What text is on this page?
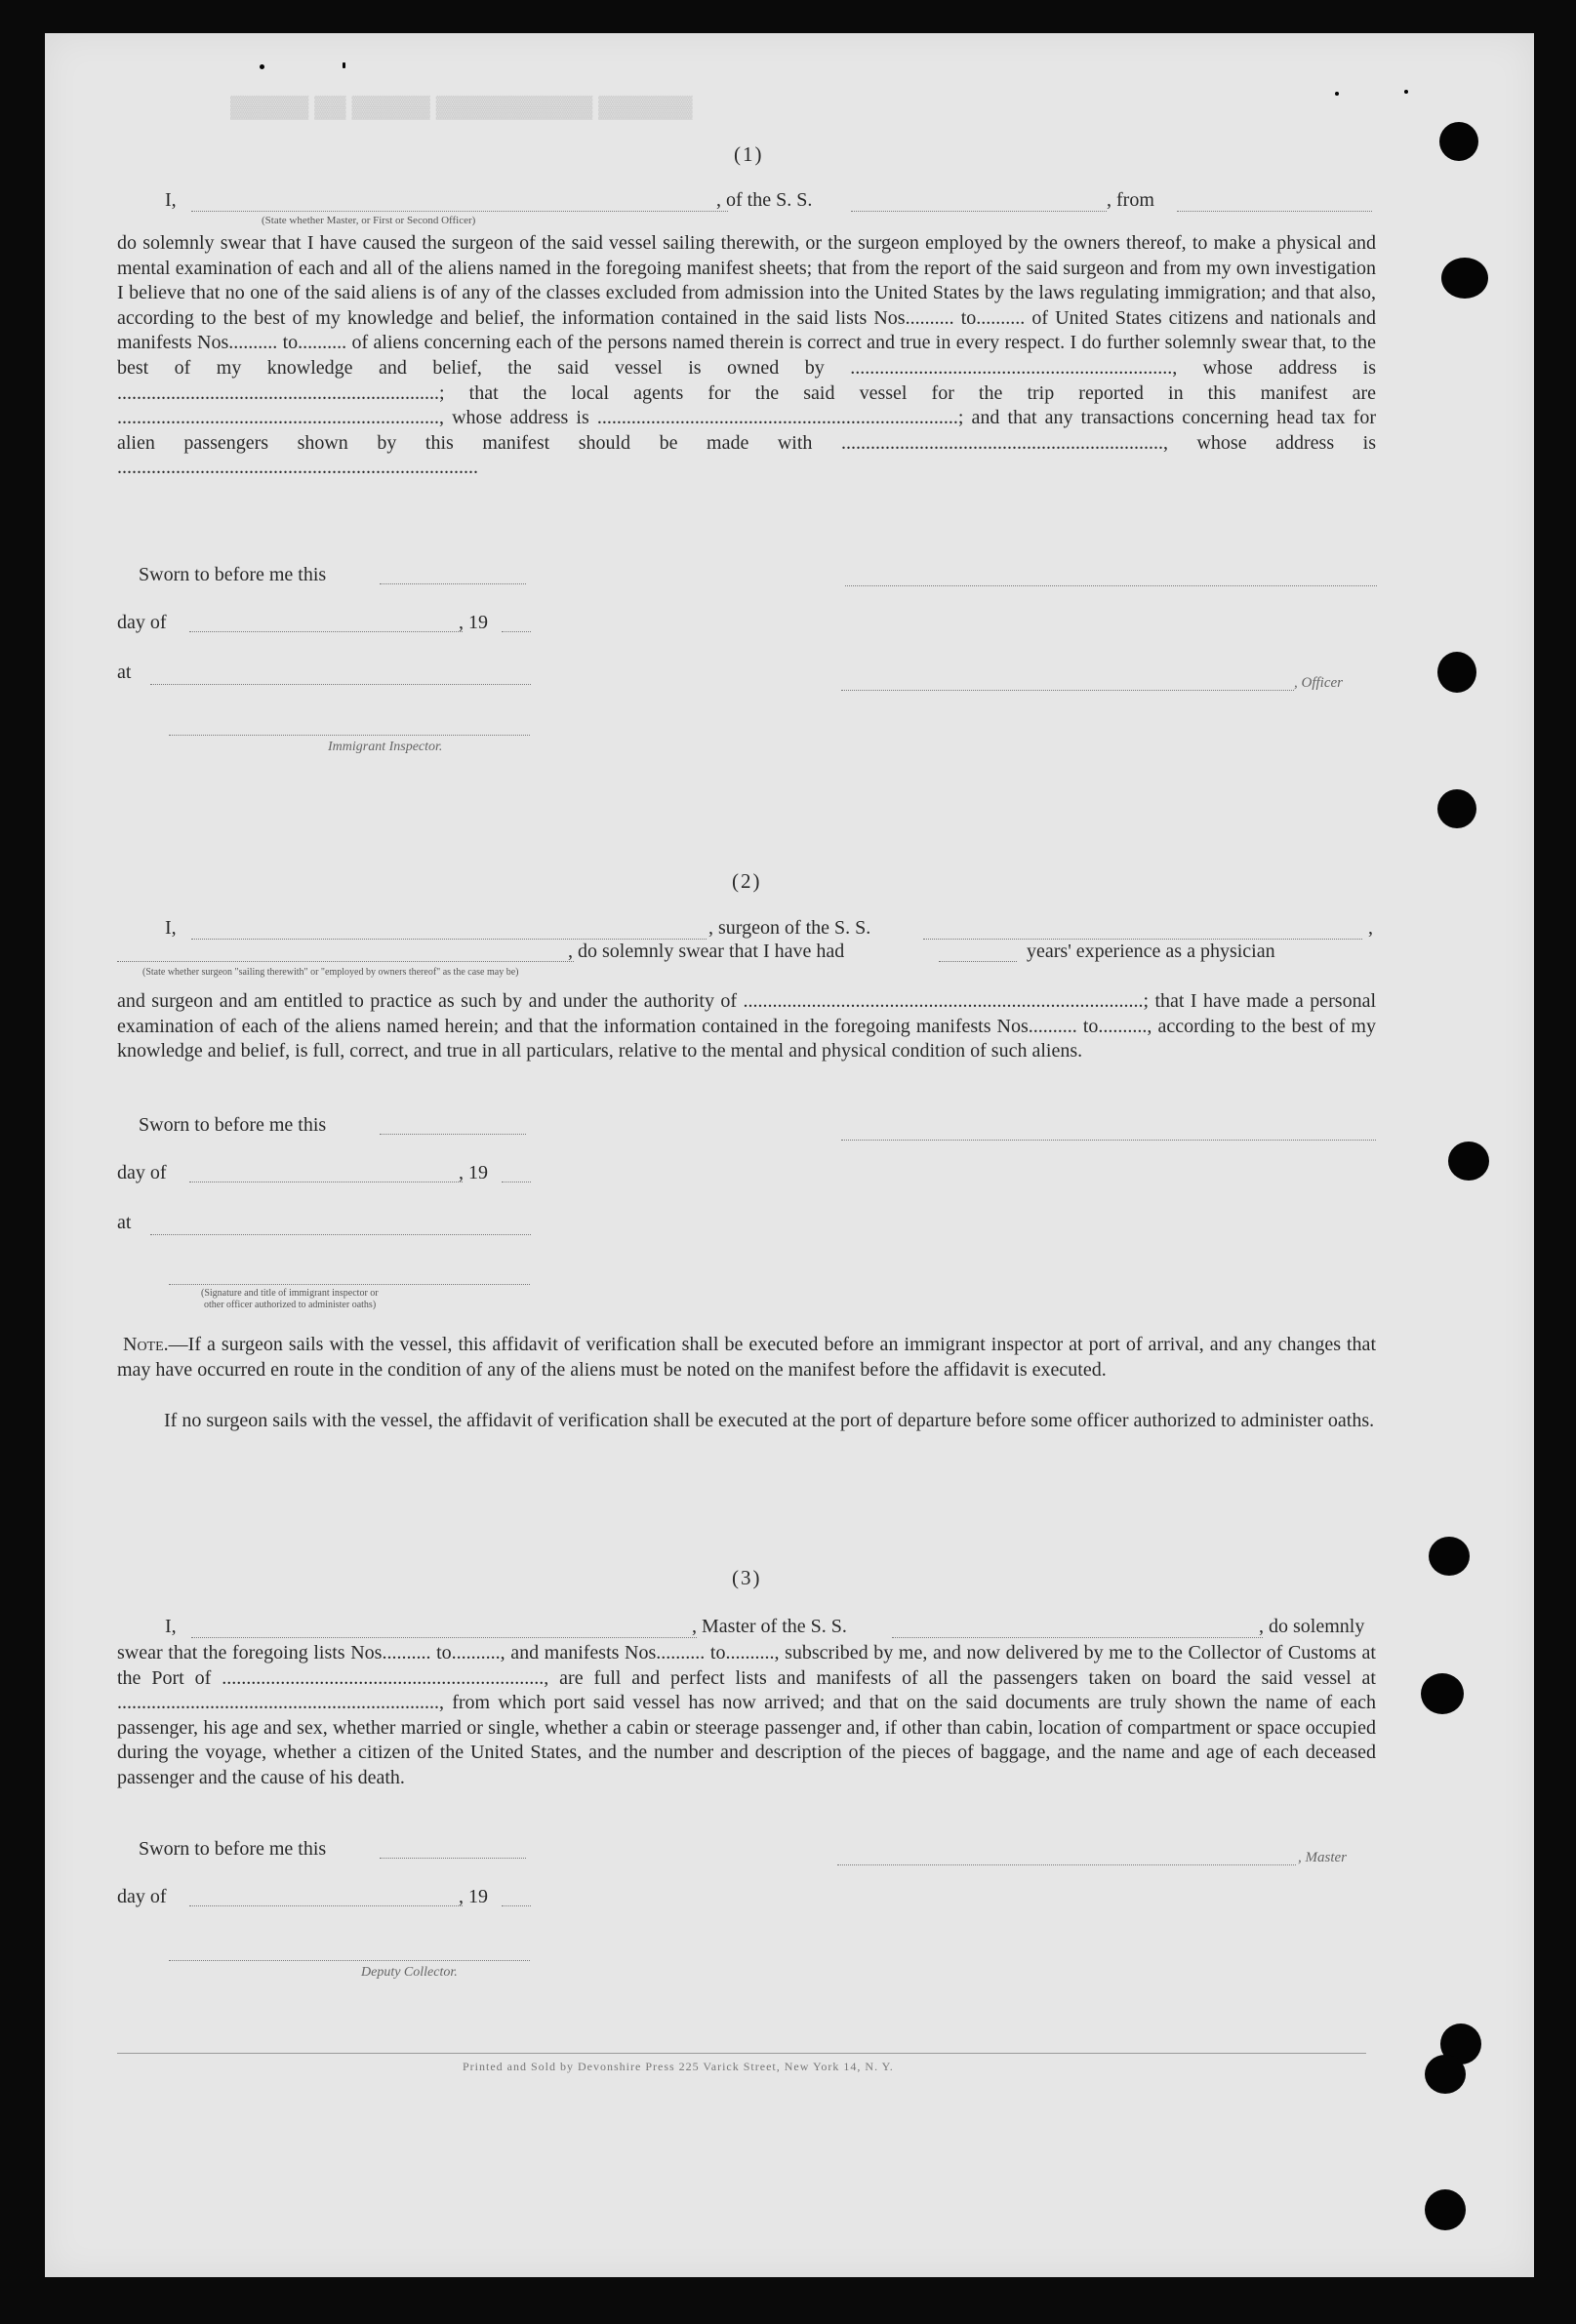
▓▓▓▓▓ ▓▓ ▓▓▓▓▓ ▓▓▓▓▓▓▓▓▓▓ ▓▓▓▓▓▓
(1)
I,
(State whether Master, or First or Second Officer)
, of the S. S.	, from
do solemnly swear that I have caused the surgeon of the said vessel sailing therewith, or the surgeon employed by the owners thereof, to make a physical and mental examination of each and all of the aliens named in the foregoing manifest sheets; that from the report of the said surgeon and from my own investigation I believe that no one of the said aliens is of any of the classes excluded from admission into the United States by the laws regulating immigration; and that also, according to the best of my knowledge and belief, the information contained in the said lists Nos.......... to.......... of United States citizens and nationals and manifests Nos.......... to.......... of aliens concerning each of the persons named therein is correct and true in every respect. I do further solemnly swear that, to the best of my knowledge and belief, the said vessel is owned by .................................................................., whose address is ..................................................................; that the local agents for the said vessel for the trip reported in this manifest are .................................................................., whose address is ..........................................................................; and that any transactions concerning head tax for alien passengers shown by this manifest should be made with .................................................................., whose address is ..........................................................................
Sworn to before me this
day of	, 19
at	, Officer
Immigrant Inspector.
(2)
I,	, surgeon of the S. S.	,
, do solemnly swear that I have had	years' experience as a physician
(State whether surgeon "sailing therewith" or "employed by owners thereof" as the case may be)
and surgeon and am entitled to practice as such by and under the authority of ..................................................................................; that I have made a personal examination of each of the aliens named herein; and that the information contained in the foregoing manifests Nos.......... to.........., according to the best of my knowledge and belief, is full, correct, and true in all particulars, relative to the mental and physical condition of such aliens.
Sworn to before me this
day of	, 19
at
(Signature and title of immigrant inspector or
other officer authorized to administer oaths)
Note.—If a surgeon sails with the vessel, this affidavit of verification shall be executed before an immigrant inspector at port of arrival, and any changes that may have occurred en route in the condition of any of the aliens must be noted on the manifest before the affidavit is executed.
If no surgeon sails with the vessel, the affidavit of verification shall be executed at the port of departure before some officer authorized to administer oaths.
(3)
I,	, Master of the S. S.	, do solemnly
swear that the foregoing lists Nos.......... to.........., and manifests Nos.......... to.........., subscribed by me, and now delivered by me to the Collector of Customs at the Port of .................................................................., are full and perfect lists and manifests of all the passengers taken on board the said vessel at .................................................................., from which port said vessel has now arrived; and that on the said documents are truly shown the name of each passenger, his age and sex, whether married or single, whether a cabin or steerage passenger and, if other than cabin, location of compartment or space occupied during the voyage, whether a citizen of the United States, and the number and description of the pieces of baggage, and the name and age of each deceased passenger and the cause of his death.
Sworn to before me this	, Master
day of	, 19
Deputy Collector.
Printed and Sold by Devonshire Press 225 Varick Street, New York 14, N. Y.
